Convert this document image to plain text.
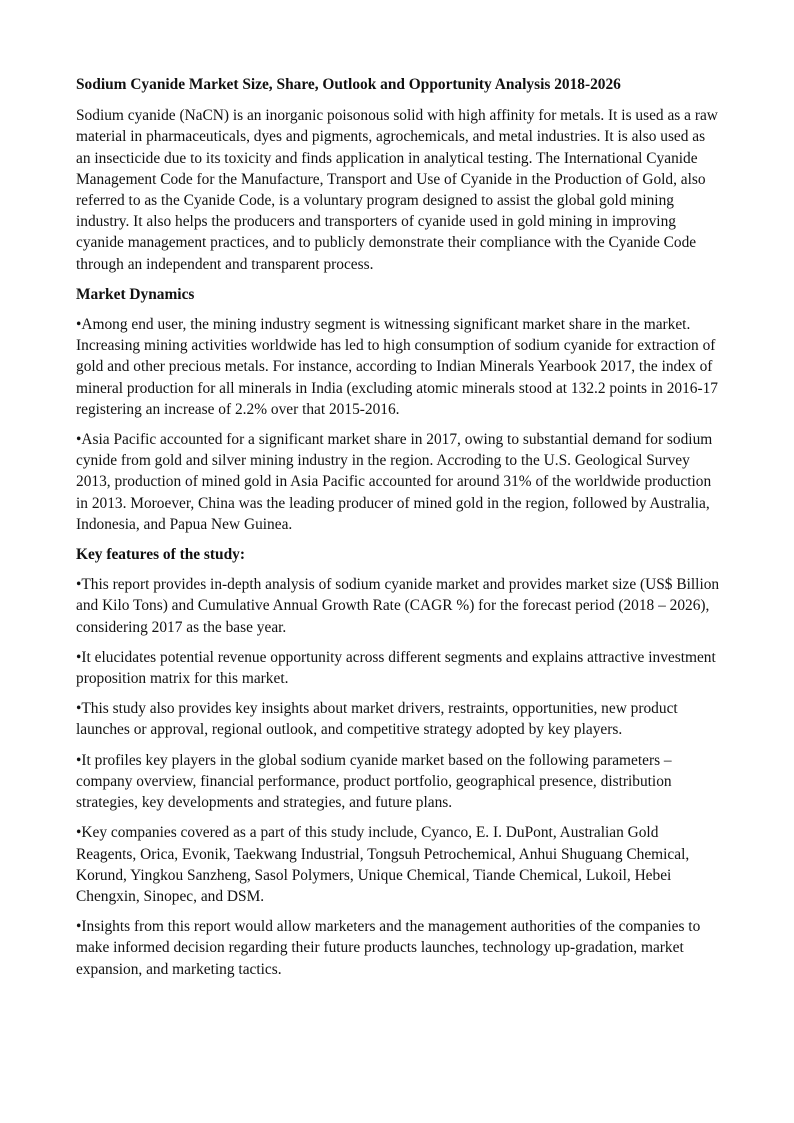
Sodium Cyanide Market Size, Share, Outlook and Opportunity Analysis 2018-2026

Sodium cyanide (NaCN) is an inorganic poisonous solid with high affinity for metals. It is used as a raw material in pharmaceuticals, dyes and pigments, agrochemicals, and metal industries. It is also used as an insecticide due to its toxicity and finds application in analytical testing. The International Cyanide Management Code for the Manufacture, Transport and Use of Cyanide in the Production of Gold, also referred to as the Cyanide Code, is a voluntary program designed to assist the global gold mining industry. It also helps the producers and transporters of cyanide used in gold mining in improving cyanide management practices, and to publicly demonstrate their compliance with the Cyanide Code through an independent and transparent process.

Market Dynamics

•Among end user, the mining industry segment is witnessing significant market share in the market. Increasing mining activities worldwide has led to high consumption of sodium cyanide for extraction of gold and other precious metals. For instance, according to Indian Minerals Yearbook 2017, the index of mineral production for all minerals in India (excluding atomic minerals stood at 132.2 points in 2016-17 registering an increase of 2.2% over that 2015-2016.

•Asia Pacific accounted for a significant market share in 2017, owing to substantial demand for sodium cynide from gold and silver mining industry in the region. Accroding to the U.S. Geological Survey 2013, production of mined gold in Asia Pacific accounted for around 31% of the worldwide production in 2013. Moroever, China was the leading producer of mined gold in the region, followed by Australia, Indonesia, and Papua New Guinea.

Key features of the study:

•This report provides in-depth analysis of sodium cyanide market and provides market size (US$ Billion and Kilo Tons) and Cumulative Annual Growth Rate (CAGR %) for the forecast period (2018 – 2026), considering 2017 as the base year.

•It elucidates potential revenue opportunity across different segments and explains attractive investment proposition matrix for this market.

•This study also provides key insights about market drivers, restraints, opportunities, new product launches or approval, regional outlook, and competitive strategy adopted by key players.

•It profiles key players in the global sodium cyanide market based on the following parameters – company overview, financial performance, product portfolio, geographical presence, distribution strategies, key developments and strategies, and future plans.

•Key companies covered as a part of this study include, Cyanco, E. I. DuPont, Australian Gold Reagents, Orica, Evonik, Taekwang Industrial, Tongsuh Petrochemical, Anhui Shuguang Chemical, Korund, Yingkou Sanzheng, Sasol Polymers, Unique Chemical, Tiande Chemical, Lukoil, Hebei Chengxin, Sinopec, and DSM.

•Insights from this report would allow marketers and the management authorities of the companies to make informed decision regarding their future products launches, technology up-gradation, market expansion, and marketing tactics.
